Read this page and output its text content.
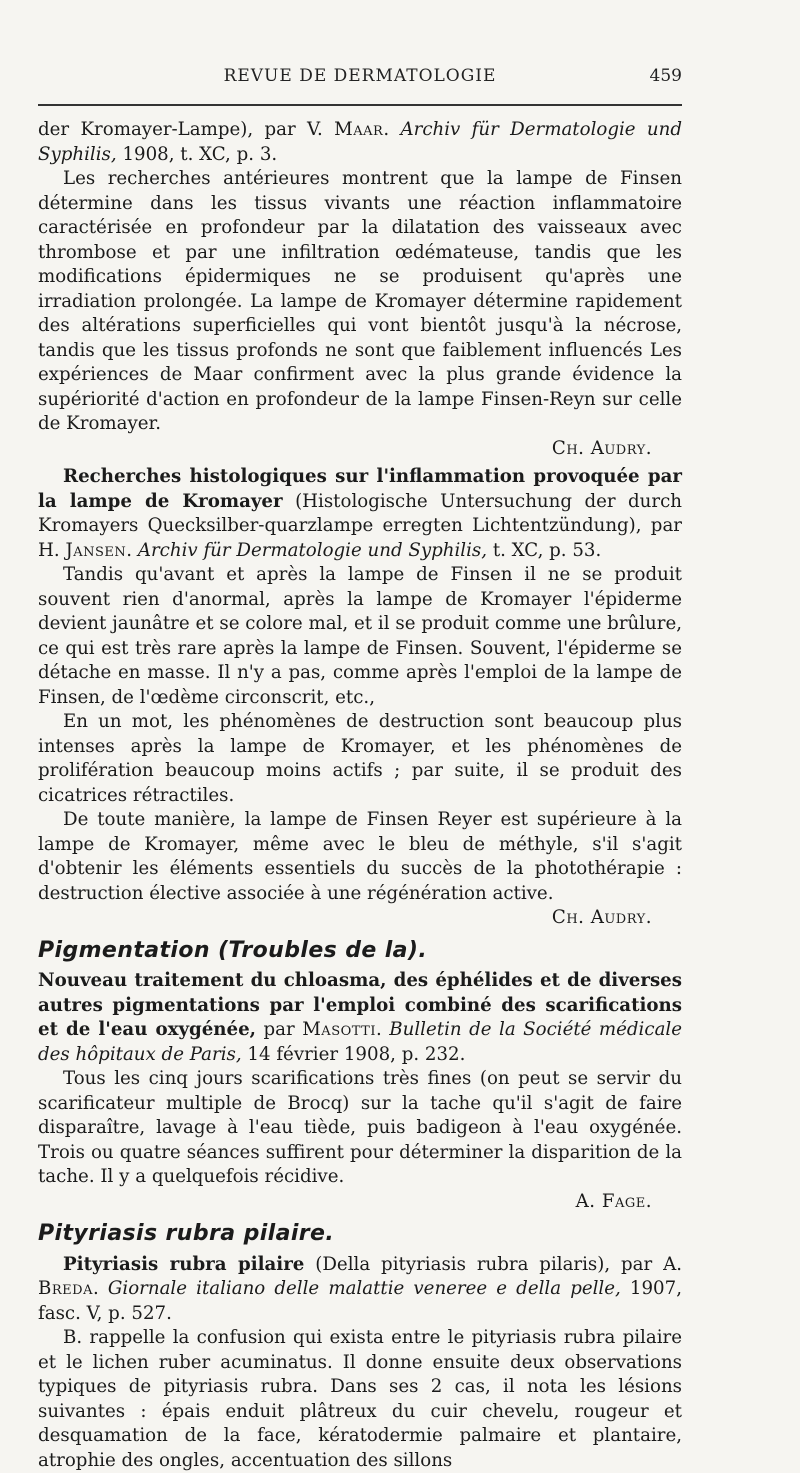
REVUE DE DERMATOLOGIE	459

der Kromayer-Lampe), par V. Maar. Archiv für Dermatologie und Syphilis, 1908, t. XC, p. 3.

Les recherches antérieures montrent que la lampe de Finsen détermine dans les tissus vivants une réaction inflammatoire caractérisée en profondeur par la dilatation des vaisseaux avec thrombose et par une infiltration œdémateuse, tandis que les modifications épidermiques ne se produisent qu'après une irradiation prolongée. La lampe de Kromayer détermine rapidement des altérations superficielles qui vont bientôt jusqu'à la nécrose, tandis que les tissus profonds ne sont que faiblement influencés Les expériences de Maar confirment avec la plus grande évidence la supériorité d'action en profondeur de la lampe Finsen-Reyn sur celle de Kromayer.

Ch. Audry.

Recherches histologiques sur l'inflammation provoquée par la lampe de Kromayer (Histologische Untersuchung der durch Kromayers Quecksilber-quarzlampe erregten Lichtentzündung), par H. Jansen. Archiv für Dermatologie und Syphilis, t. XC, p. 53.

Tandis qu'avant et après la lampe de Finsen il ne se produit souvent rien d'anormal, après la lampe de Kromayer l'épiderme devient jaunâtre et se colore mal, et il se produit comme une brûlure, ce qui est très rare après la lampe de Finsen. Souvent, l'épiderme se détache en masse. Il n'y a pas, comme après l'emploi de la lampe de Finsen, de l'œdème circonscrit, etc.,

En un mot, les phénomènes de destruction sont beaucoup plus intenses après la lampe de Kromayer, et les phénomènes de prolifération beaucoup moins actifs ; par suite, il se produit des cicatrices rétractiles.

De toute manière, la lampe de Finsen Reyer est supérieure à la lampe de Kromayer, même avec le bleu de méthyle, s'il s'agit d'obtenir les éléments essentiels du succès de la photothérapie : destruction élective associée à une régénération active.

Ch. Audry.

Pigmentation (Troubles de la).

Nouveau traitement du chloasma, des éphélides et de diverses autres pigmentations par l'emploi combiné des scarifications et de l'eau oxygénée, par Masotti. Bulletin de la Société médicale des hôpitaux de Paris, 14 février 1908, p. 232.

Tous les cinq jours scarifications très fines (on peut se servir du scarificateur multiple de Brocq) sur la tache qu'il s'agit de faire disparaître, lavage à l'eau tiède, puis badigeon à l'eau oxygénée. Trois ou quatre séances suffirent pour déterminer la disparition de la tache. Il y a quelquefois récidive.

A. Fage.

Pityriasis rubra pilaire.

Pityriasis rubra pilaire (Della pityriasis rubra pilaris), par A. Breda. Giornale italiano delle malattie veneree e della pelle, 1907, fasc. V, p. 527.

B. rappelle la confusion qui exista entre le pityriasis rubra pilaire et le lichen ruber acuminatus. Il donne ensuite deux observations typiques de pityriasis rubra. Dans ses 2 cas, il nota les lésions suivantes : épais enduit plâtreux du cuir chevelu, rougeur et desquamation de la face, kératodermie palmaire et plantaire, atrophie des ongles, accentuation des sillons
